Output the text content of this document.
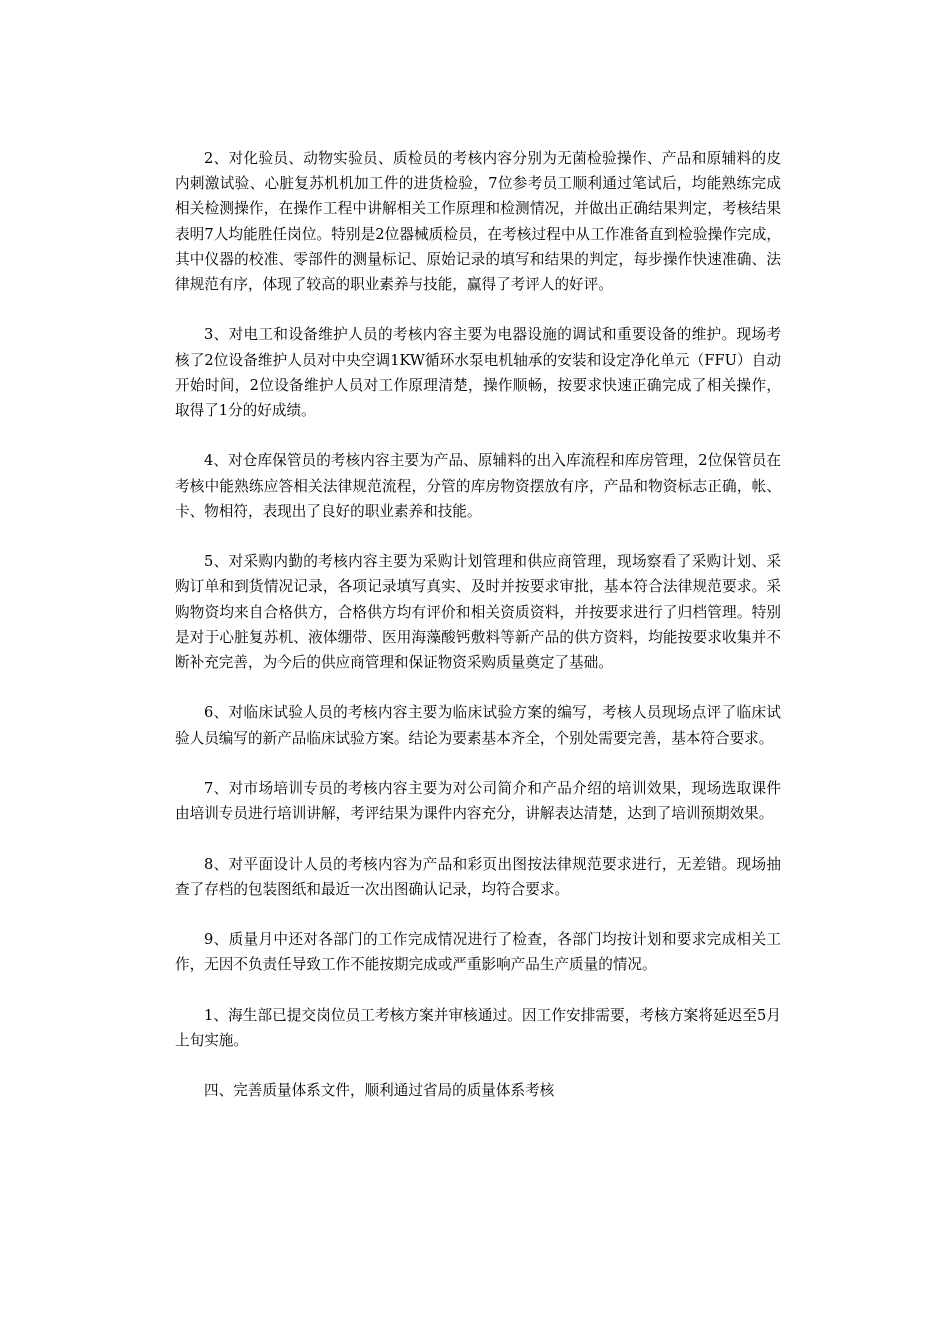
2、对化验员、动物实验员、质检员的考核内容分别为无菌检验操作、产品和原辅料的皮内刺激试验、心脏复苏机机加工件的进货检验，7位参考员工顺利通过笔试后，均能熟练完成相关检测操作，在操作工程中讲解相关工作原理和检测情况，并做出正确结果判定，考核结果表明7人均能胜任岗位。特别是2位器械质检员，在考核过程中从工作准备直到检验操作完成，其中仪器的校准、零部件的测量标记、原始记录的填写和结果的判定，每步操作快速准确、法律规范有序，体现了较高的职业素养与技能，赢得了考评人的好评。

3、对电工和设备维护人员的考核内容主要为电器设施的调试和重要设备的维护。现场考核了2位设备维护人员对中央空调1KW循环水泵电机轴承的安装和设定净化单元（FFU）自动开始时间，2位设备维护人员对工作原理清楚，操作顺畅，按要求快速正确完成了相关操作，取得了1分的好成绩。

4、对仓库保管员的考核内容主要为产品、原辅料的出入库流程和库房管理，2位保管员在考核中能熟练应答相关法律规范流程，分管的库房物资摆放有序，产品和物资标志正确，帐、卡、物相符，表现出了良好的职业素养和技能。

5、对采购内勤的考核内容主要为采购计划管理和供应商管理，现场察看了采购计划、采购订单和到货情况记录，各项记录填写真实、及时并按要求审批，基本符合法律规范要求。采购物资均来自合格供方，合格供方均有评价和相关资质资料，并按要求进行了归档管理。特别是对于心脏复苏机、液体绷带、医用海藻酸钙敷料等新产品的供方资料，均能按要求收集并不断补充完善，为今后的供应商管理和保证物资采购质量奠定了基础。

6、对临床试验人员的考核内容主要为临床试验方案的编写，考核人员现场点评了临床试验人员编写的新产品临床试验方案。结论为要素基本齐全，个别处需要完善，基本符合要求。

7、对市场培训专员的考核内容主要为对公司简介和产品介绍的培训效果，现场选取课件由培训专员进行培训讲解，考评结果为课件内容充分，讲解表达清楚，达到了培训预期效果。

8、对平面设计人员的考核内容为产品和彩页出图按法律规范要求进行，无差错。现场抽查了存档的包装图纸和最近一次出图确认记录，均符合要求。

9、质量月中还对各部门的工作完成情况进行了检查，各部门均按计划和要求完成相关工作，无因不负责任导致工作不能按期完成或严重影响产品生产质量的情况。

1、海生部已提交岗位员工考核方案并审核通过。因工作安排需要，考核方案将延迟至5月上旬实施。

四、完善质量体系文件，顺利通过省局的质量体系考核
